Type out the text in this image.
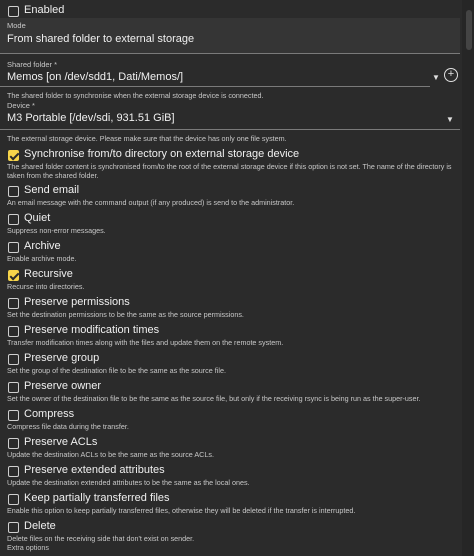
Enabled
Mode
From shared folder to external storage
Shared folder *
Memos [on /dev/sdd1, Dati/Memos/]	▼ +
The shared folder to synchronise when the external storage device is connected.
Device *
M3 Portable [/dev/sdi, 931.51 GiB]	▼
The external storage device. Please make sure that the device has only one file system.
Synchronise from/to directory on external storage device
The shared folder content is synchronised from/to the root of the external storage device if this option is not set. The name of the directory is taken from the shared folder.
Send email
An email message with the command output (if any produced) is send to the administrator.
Quiet
Suppress non-error messages.
Archive
Enable archive mode.
Recursive
Recurse into directories.
Preserve permissions
Set the destination permissions to be the same as the source permissions.
Preserve modification times
Transfer modification times along with the files and update them on the remote system.
Preserve group
Set the group of the destination file to be the same as the source file.
Preserve owner
Set the owner of the destination file to be the same as the source file, but only if the receiving rsync is being run as the super-user.
Compress
Compress file data during the transfer.
Preserve ACLs
Update the destination ACLs to be the same as the source ACLs.
Preserve extended attributes
Update the destination extended attributes to be the same as the local ones.
Keep partially transferred files
Enable this option to keep partially transferred files, otherwise they will be deleted if the transfer is interrupted.
Delete
Delete files on the receiving side that don't exist on sender.
Extra options
